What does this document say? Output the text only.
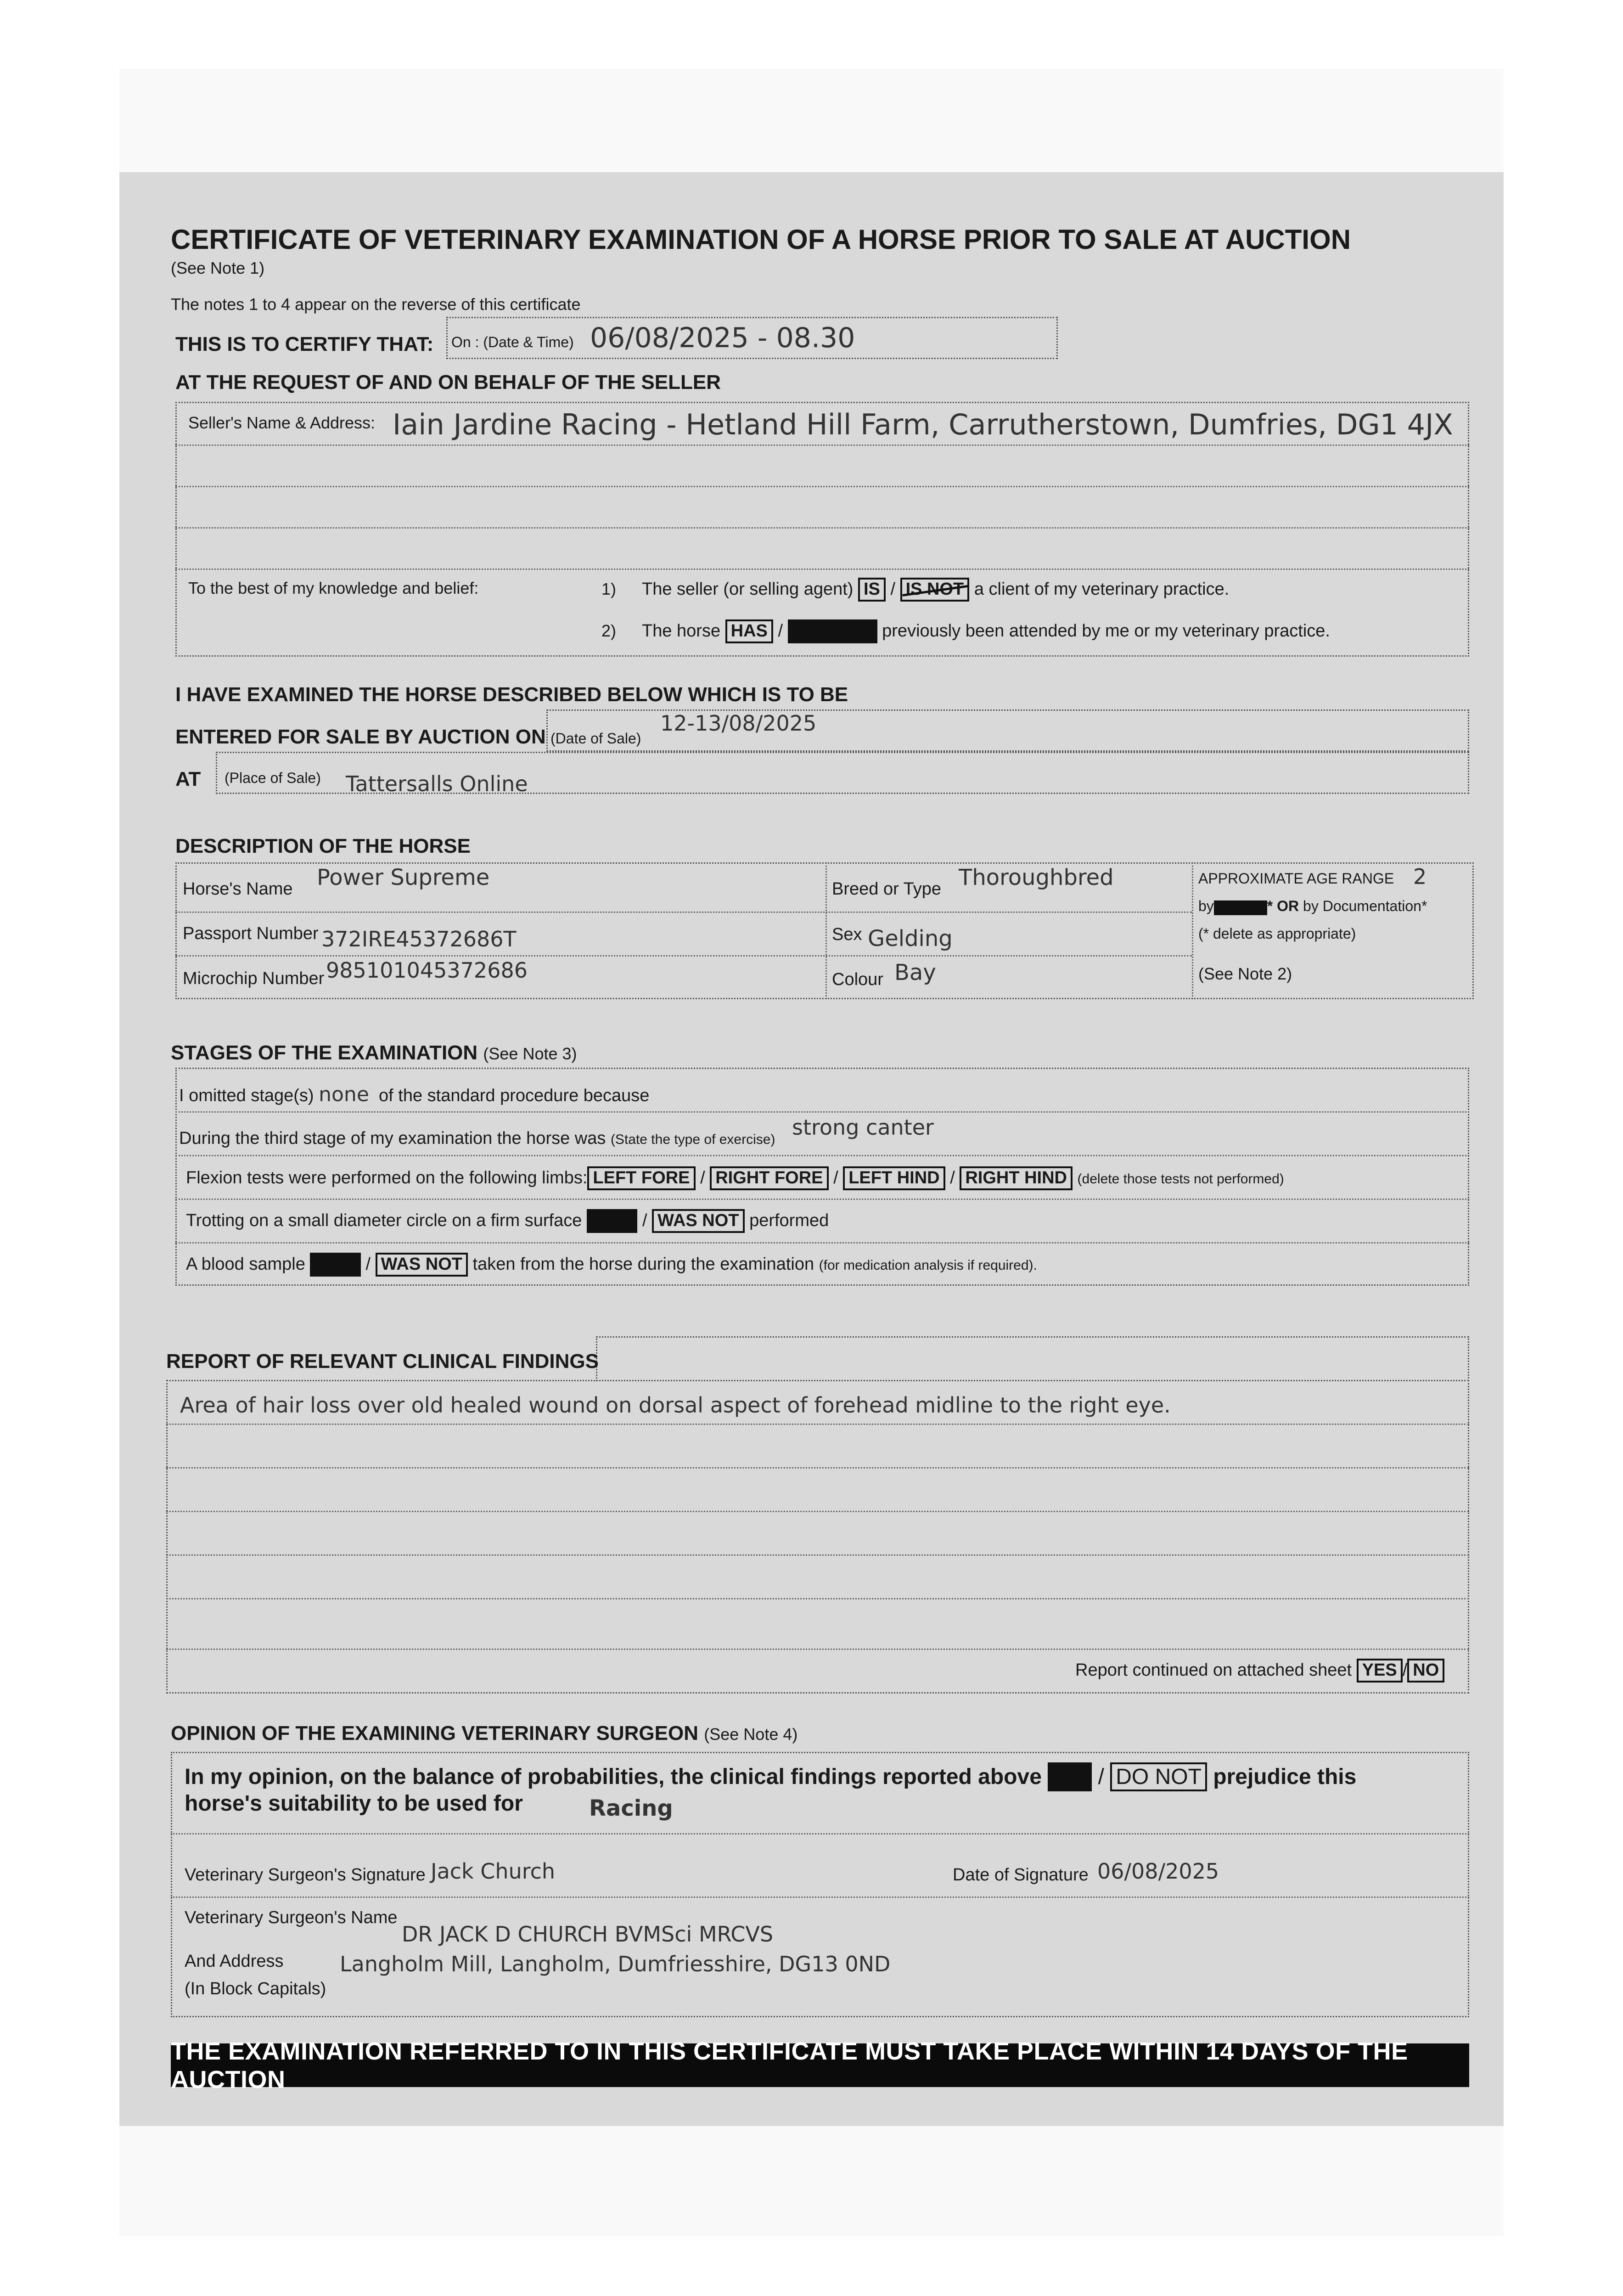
CERTIFICATE OF VETERINARY EXAMINATION OF A HORSE PRIOR TO SALE AT AUCTION
(See Note 1)
The notes 1 to 4 appear on the reverse of this certificate
THIS IS TO CERTIFY THAT: On : (Date & Time) 06/08/2025 - 08.30
AT THE REQUEST OF AND ON BEHALF OF THE SELLER
Seller's Name & Address: Iain Jardine Racing - Hetland Hill Farm, Carrutherstown, Dumfries, DG1 4JX
To the best of my knowledge and belief:	1) The seller (or selling agent) IS / IS NOT a client of my veterinary practice.
2) The horse HAS / HAS NOT previously been attended by me or my veterinary practice.
I HAVE EXAMINED THE HORSE DESCRIBED BELOW WHICH IS TO BE
ENTERED FOR SALE BY AUCTION ON (Date of Sale)
12-13/08/2025
AT (Place of Sale) Tattersalls Online
DESCRIPTION OF THE HORSE
Horse's Name Power Supreme
Passport Number 372IRE45372686T
Microchip Number 985101045372686
Breed or Type Thoroughbred
Sex Gelding
Colour Bay
APPROXIMATE AGE RANGE 2
by Dentition * OR by Documentation*
(* delete as appropriate)
(See Note 2)
STAGES OF THE EXAMINATION (See Note 3)
I omitted stage(s) none of the standard procedure because
During the third stage of my examination the horse was (State the type of exercise) strong canter
Flexion tests were performed on the following limbs: LEFT FORE / RIGHT FORE / LEFT HIND / RIGHT HIND (delete those tests not performed)
Trotting on a small diameter circle on a firm surface WAS / WAS NOT performed
A blood sample WAS / WAS NOT taken from the horse during the examination (for medication analysis if required).
REPORT OF RELEVANT CLINICAL FINDINGS
Area of hair loss over old healed wound on dorsal aspect of forehead midline to the right eye.
Report continued on attached sheet YES / NO
OPINION OF THE EXAMINING VETERINARY SURGEON (See Note 4)
In my opinion, on the balance of probabilities, the clinical findings reported above DO / DO NOT prejudice this
horse's suitability to be used for	Racing
Veterinary Surgeon's Signature Jack Church	Date of Signature 06/08/2025
Veterinary Surgeon's Name
DR JACK D CHURCH BVMSci MRCVS
And Address	Langholm Mill, Langholm, Dumfriesshire, DG13 0ND
(In Block Capitals)
THE EXAMINATION REFERRED TO IN THIS CERTIFICATE MUST TAKE PLACE WITHIN 14 DAYS OF THE AUCTION
